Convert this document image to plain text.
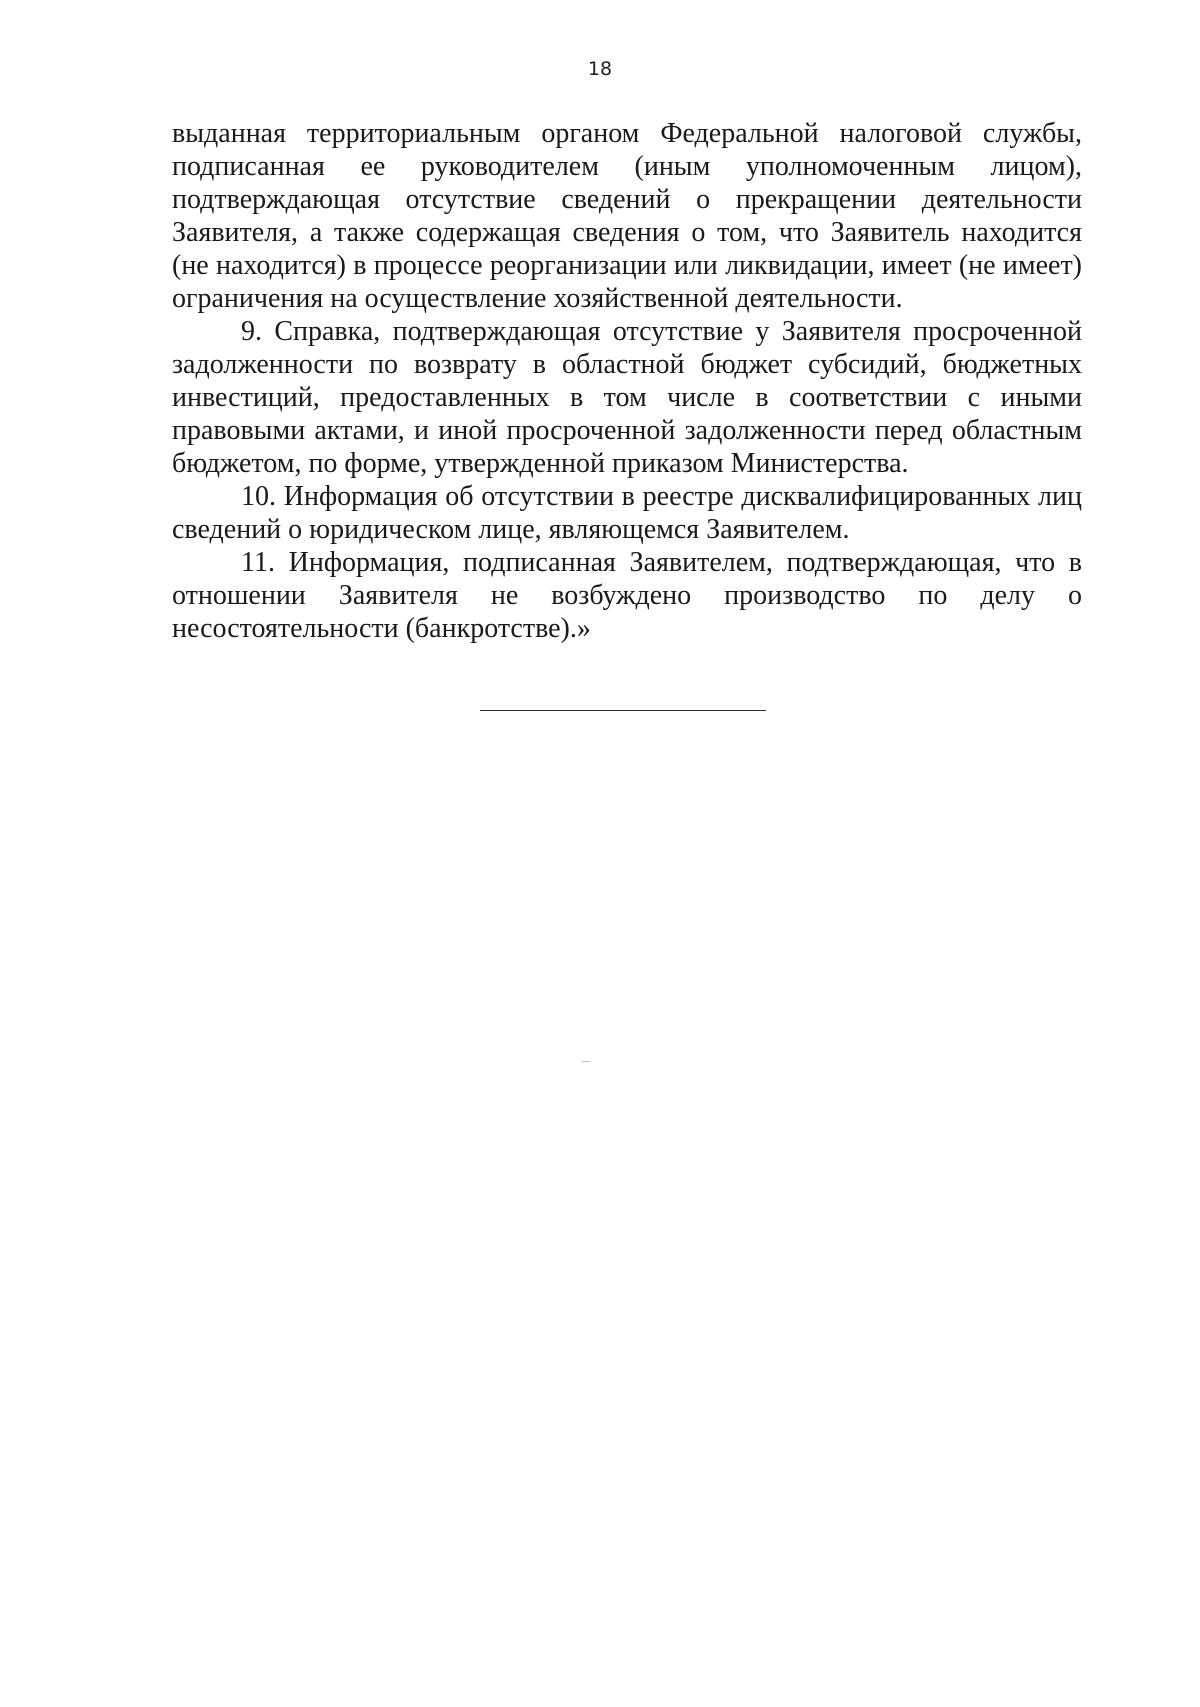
18

выданная территориальным органом Федеральной налоговой службы, подписанная ее руководителем (иным уполномоченным лицом), подтверждающая отсутствие сведений о прекращении деятельности Заявителя, а также содержащая сведения о том, что Заявитель находится (не находится) в процессе реорганизации или ликвидации, имеет (не имеет) ограничения на осуществление хозяйственной деятельности.

9. Справка, подтверждающая отсутствие у Заявителя просроченной задолженности по возврату в областной бюджет субсидий, бюджетных инвестиций, предоставленных в том числе в соответствии с иными правовыми актами, и иной просроченной задолженности перед областным бюджетом, по форме, утвержденной приказом Министерства.

10. Информация об отсутствии в реестре дисквалифицированных лиц сведений о юридическом лице, являющемся Заявителем.

11. Информация, подписанная Заявителем, подтверждающая, что в отношении Заявителя не возбуждено производство по делу о несостоятельности (банкротстве).»
